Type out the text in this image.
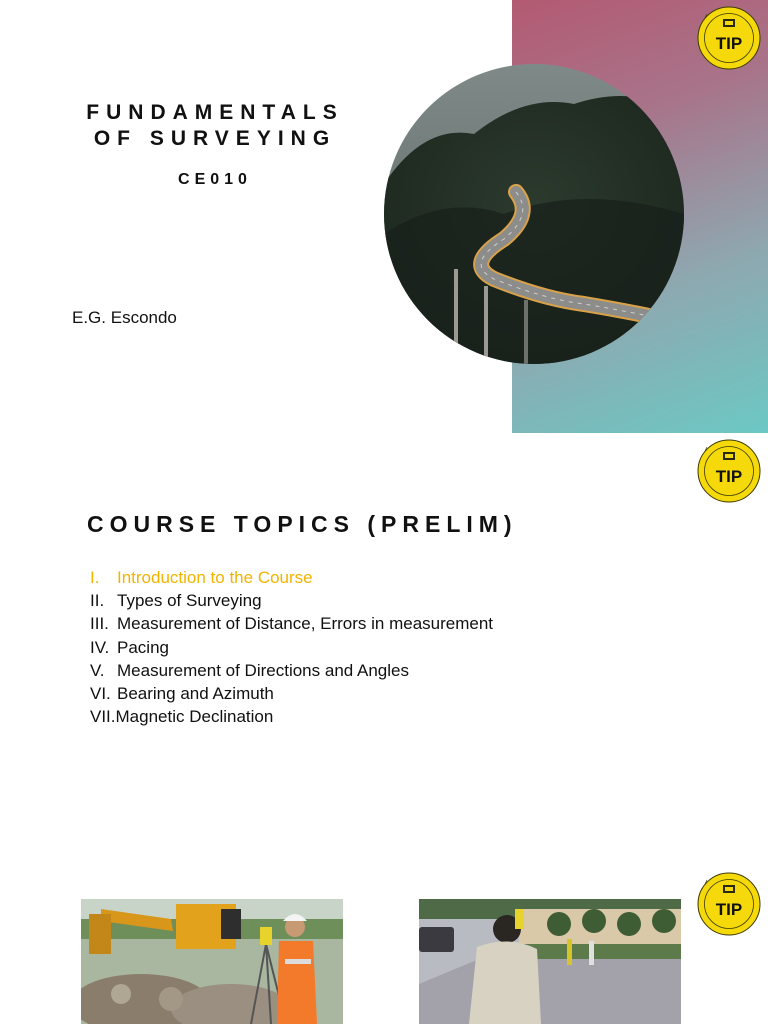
FUNDAMENTALS
OF SURVEYING
CE010
E.G. Escondo
TIP
TIP
COURSE TOPICS (PRELIM)
I. Introduction to the Course
II. Types of Surveying
III. Measurement of Distance, Errors in measurement
IV. Pacing
V. Measurement of Directions and Angles
VI. Bearing and Azimuth
VII.Magnetic Declination
TIP
